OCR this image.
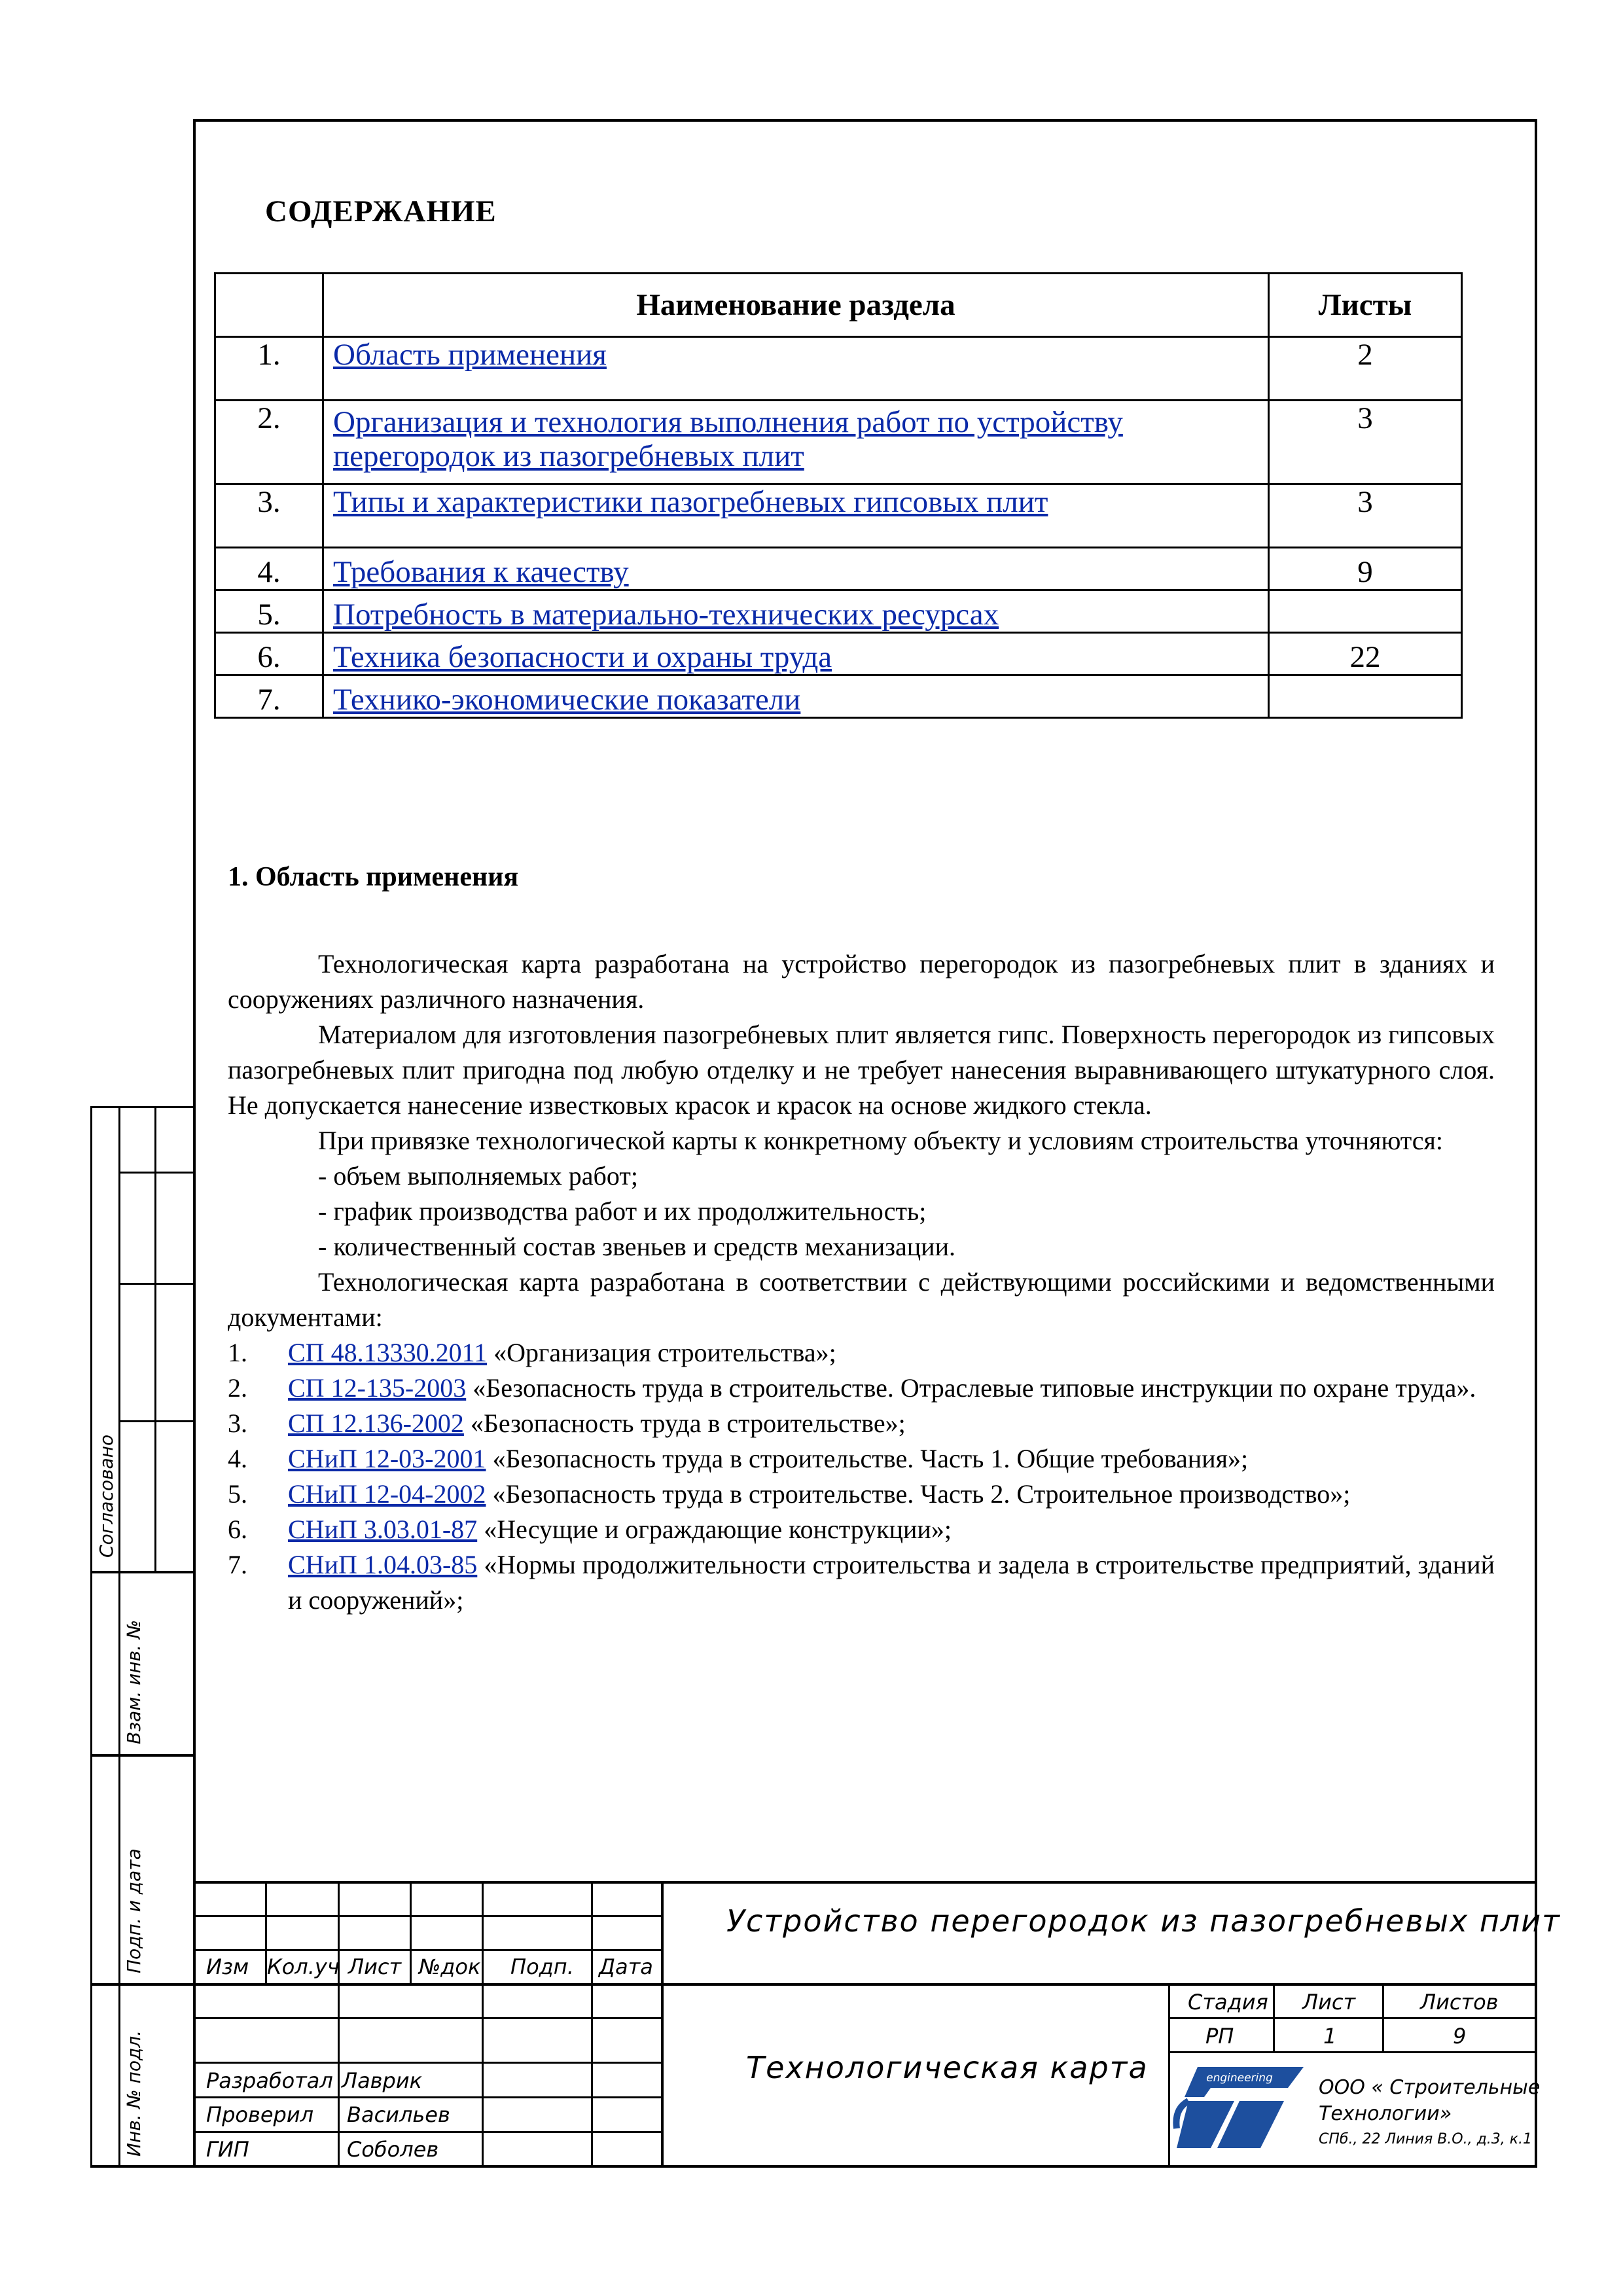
Согласовано
Взам. инв. №
Подп. и дата
Инв. № подл.
СОДЕРЖАНИЕ
	Наименование раздела	Листы
1.	Область применения	2
2.	Организация и технология выполнения работ по устройству перегородок из пазогребневых плит	3
3.	Типы и характеристики пазогребневых гипсовых плит	3
4.	Требования к качеству	9
5.	Потребность в материально-технических ресурсах	
6.	Техника безопасности и охраны труда	22
7.	Технико-экономические показатели	
1. Область применения

Технологическая карта разработана на устройство перегородок из пазогребневых плит в зданиях и сооружениях различного назначения.

Материалом для изготовления пазогребневых плит является гипс. Поверхность перегородок из гипсовых пазогребневых плит пригодна под любую отделку и не требует нанесения выравнивающего штукатурного слоя. Не допускается нанесение известковых красок и красок на основе жидкого стекла.

При привязке технологической карты к конкретному объекту и условиям строительства уточняются:

- объем выполняемых работ;

- график производства работ и их продолжительность;

- количественный состав звеньев и средств механизации.

Технологическая карта разработана в соответствии с действующими российскими и ведомственными документами:

1.	СП 48.13330.2011 «Организация строительства»;
2.	СП 12-135-2003 «Безопасность труда в строительстве. Отраслевые типовые инструкции по охране труда».
3.	СП 12.136-2002 «Безопасность труда в строительстве»;
4.	СНиП 12-03-2001 «Безопасность труда в строительстве. Часть 1. Общие требования»;
5.	СНиП 12-04-2002 «Безопасность труда в строительстве. Часть 2. Строительное производство»;
6.	СНиП 3.03.01-87 «Несущие и ограждающие конструкции»;
7.	СНиП 1.04.03-85 «Нормы продолжительности строительства и задела в строительстве предприятий, зданий и сооружений»;
Изм Кол.уч Лист №док Подп. Дата
Устройство перегородок из пазогребневых плит
Технологическая карта
Разработал Лаврик
Проверил Васильев
ГИП	Соболев
Стадия Лист	Листов
РП	1	9
engineering ООО « Строительные
Технологии»
СПб., 22 Линия В.О., д.3, к.1
